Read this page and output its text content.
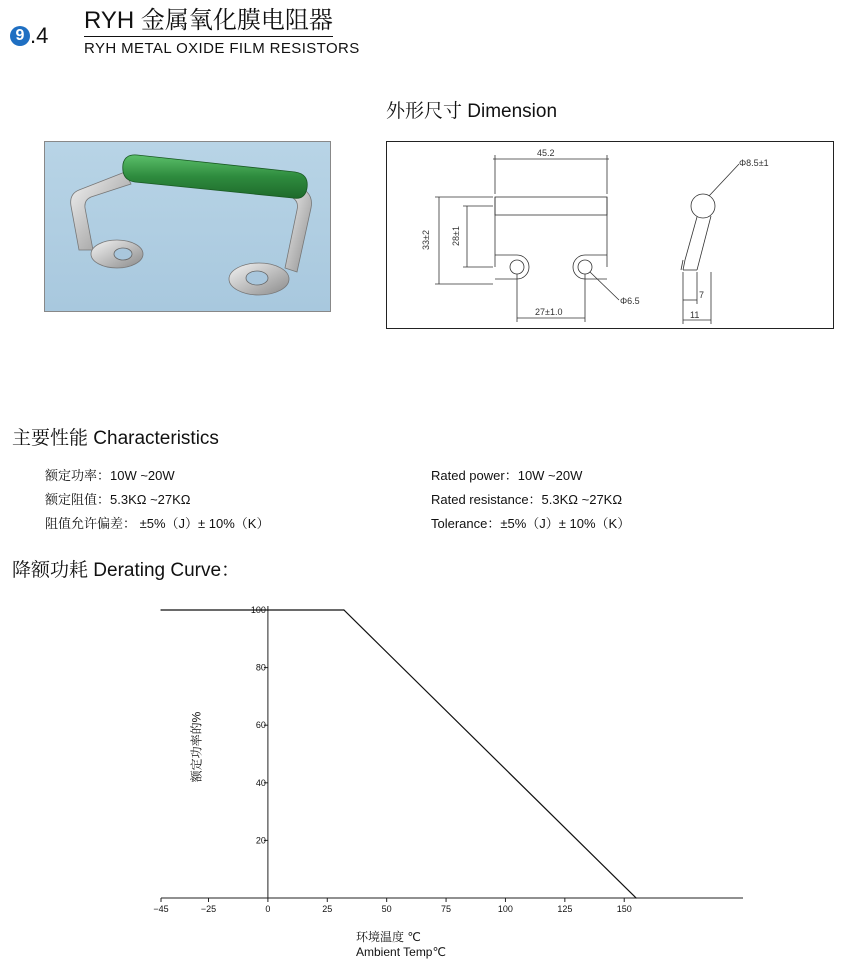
9 .4
RYH 金属氧化膜电阻器
RYH METAL OXIDE FILM RESISTORS
外形尺寸 Dimension
45.2
33±2 28±1
27±1.0
Φ6.5
Φ8.5±1
7
11
主要性能 Characteristics
额定功率：10W ~20W
额定阻值：5.3KΩ ~27KΩ
阻值允许偏差： ±5%（J）± 10%（K）
Rated power：10W ~20W
Rated resistance：5.3KΩ ~27KΩ
Tolerance：±5%（J）± 10%（K）
降额功耗 Derating Curve：
−45	−25	0	25	50	75	100	125	150
20
40
60
80
100
额定功率的%
环境温度 ℃
Ambient Temp℃
